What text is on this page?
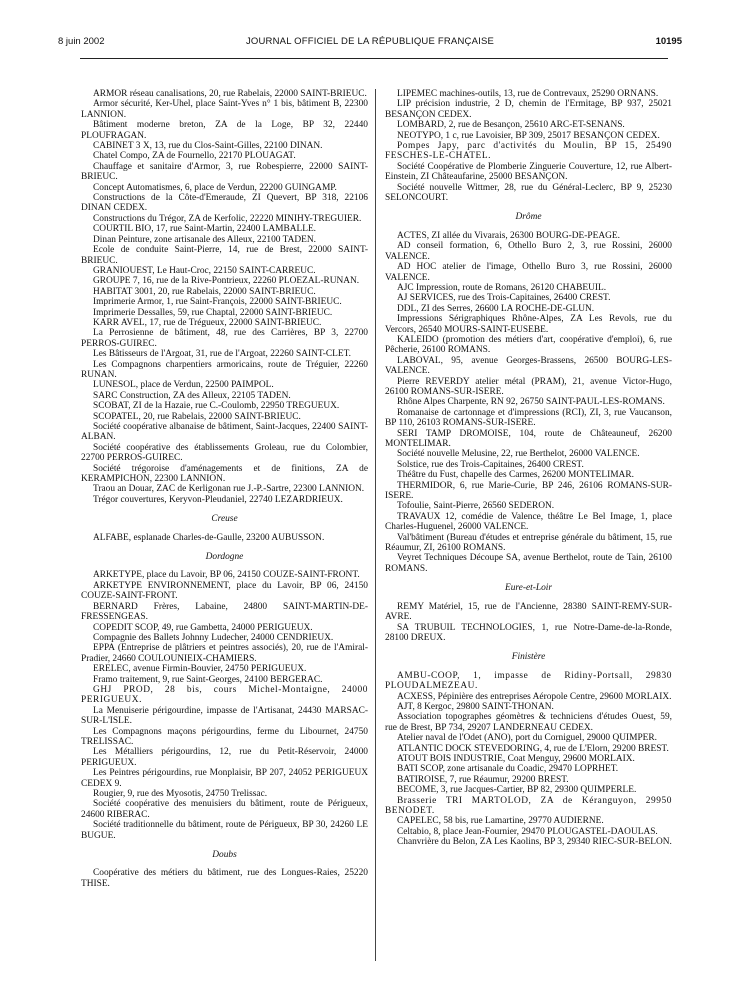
8 juin 2002	JOURNAL OFFICIEL DE LA RÉPUBLIQUE FRANÇAISE	10195
ARMOR réseau canalisations, 20, rue Rabelais, 22000 SAINT-BRIEUC.
Armor sécurité, Ker-Uhel, place Saint-Yves n° 1 bis, bâtiment B, 22300 LANNION.
Bâtiment moderne breton, ZA de la Loge, BP 32, 22440 PLOUFRAGAN.
CABINET 3 X, 13, rue du Clos-Saint-Gilles, 22100 DINAN.
Chatel Compo, ZA de Fournello, 22170 PLOUAGAT.
Chauffage et sanitaire d'Armor, 3, rue Robespierre, 22000 SAINT-BRIEUC.
Concept Automatismes, 6, place de Verdun, 22200 GUINGAMP.
Constructions de la Côte-d'Emeraude, ZI Quevert, BP 318, 22106 DINAN CEDEX.
Constructions du Trégor, ZA de Kerfolic, 22220 MINIHY-TREGUIER.
COURTIL BIO, 17, rue Saint-Martin, 22400 LAMBALLE.
Dinan Peinture, zone artisanale des Alleux, 22100 TADEN.
Ecole de conduite Saint-Pierre, 14, rue de Brest, 22000 SAINT-BRIEUC.
GRANIOUEST, Le Haut-Croc, 22150 SAINT-CARREUC.
GROUPE 7, 16, rue de la Rive-Pontrieux, 22260 PLOEZAL-RUNAN.
HABITAT 3001, 20, rue Rabelais, 22000 SAINT-BRIEUC.
Imprimerie Armor, 1, rue Saint-François, 22000 SAINT-BRIEUC.
Imprimerie Dessalles, 59, rue Chaptal, 22000 SAINT-BRIEUC.
KARR AVEL, 17, rue de Trégueux, 22000 SAINT-BRIEUC.
La Perrosienne de bâtiment, 48, rue des Carrières, BP 3, 22700 PERROS-GUIREC.
Les Bâtisseurs de l'Argoat, 31, rue de l'Argoat, 22260 SAINT-CLET.
Les Compagnons charpentiers armoricains, route de Tréguier, 22260 RUNAN.
LUNESOL, place de Verdun, 22500 PAIMPOL.
SARC Construction, ZA des Alleux, 22105 TADEN.
SCOBAT, ZI de la Hazaie, rue C.-Coulomb, 22950 TREGUEUX.
SCOPATEL, 20, rue Rabelais, 22000 SAINT-BRIEUC.
Société coopérative albanaise de bâtiment, Saint-Jacques, 22400 SAINT-ALBAN.
Société coopérative des établissements Groleau, rue du Colombier, 22700 PERROS-GUIREC.
Société trégoroise d'aménagements et de finitions, ZA de KERAMPICHON, 22300 LANNION.
Traou an Douar, ZAC de Kerligonan rue J.-P.-Sartre, 22300 LANNION.
Trégor couvertures, Keryvon-Pleudaniel, 22740 LEZARDRIEUX.
Creuse
ALFABE, esplanade Charles-de-Gaulle, 23200 AUBUSSON.
Dordogne
ARKETYPE, place du Lavoir, BP 06, 24150 COUZE-SAINT-FRONT.
ARKETYPE ENVIRONNEMENT, place du Lavoir, BP 06, 24150 COUZE-SAINT-FRONT.
BERNARD Frères, Labaine, 24800 SAINT-MARTIN-DE-FRESSENGEAS.
COPEDIT SCOP, 49, rue Gambetta, 24000 PERIGUEUX.
Compagnie des Ballets Johnny Ludecher, 24000 CENDRIEUX.
EPPA (Entreprise de plâtriers et peintres associés), 20, rue de l'Amiral-Pradier, 24660 COULOUNIEIX-CHAMIERS.
ERELEC, avenue Firmin-Bouvier, 24750 PERIGUEUX.
Framo traitement, 9, rue Saint-Georges, 24100 BERGERAC.
GHJ PROD, 28 bis, cours Michel-Montaigne, 24000 PERIGUEUX.
La Menuiserie périgourdine, impasse de l'Artisanat, 24430 MARSAC-SUR-L'ISLE.
Les Compagnons maçons périgourdins, ferme du Libournet, 24750 TRELISSAC.
Les Métalliers périgourdins, 12, rue du Petit-Réservoir, 24000 PERIGUEUX.
Les Peintres périgourdins, rue Monplaisir, BP 207, 24052 PERIGUEUX CEDEX 9.
Rougier, 9, rue des Myosotis, 24750 Trelissac.
Société coopérative des menuisiers du bâtiment, route de Périgueux, 24600 RIBERAC.
Société traditionnelle du bâtiment, route de Périgueux, BP 30, 24260 LE BUGUE.
Doubs
Coopérative des métiers du bâtiment, rue des Longues-Raies, 25220 THISE.
LIPEMEC machines-outils, 13, rue de Contrevaux, 25290 ORNANS.
LIP précision industrie, 2 D, chemin de l'Ermitage, BP 937, 25021 BESANÇON CEDEX.
LOMBARD, 2, rue de Besançon, 25610 ARC-ET-SENANS.
NEOTYPO, 1 c, rue Lavoisier, BP 309, 25017 BESANÇON CEDEX.
Pompes Japy, parc d'activités du Moulin, BP 15, 25490 FESCHES-LE-CHATEL.
Société Coopérative de Plomberie Zinguerie Couverture, 12, rue Albert-Einstein, ZI Châteaufarine, 25000 BESANÇON.
Société nouvelle Wittmer, 28, rue du Général-Leclerc, BP 9, 25230 SELONCOURT.
Drôme
ACTES, ZI allée du Vivarais, 26300 BOURG-DE-PEAGE.
AD conseil formation, 6, Othello Buro 2, 3, rue Rossini, 26000 VALENCE.
AD HOC atelier de l'image, Othello Buro 3, rue Rossini, 26000 VALENCE.
AJC Impression, route de Romans, 26120 CHABEUIL.
AJ SERVICES, rue des Trois-Capitaines, 26400 CREST.
DDL, ZI des Serres, 26600 LA ROCHE-DE-GLUN.
Impressions Sérigraphiques Rhône-Alpes, ZA Les Revols, rue du Vercors, 26540 MOURS-SAINT-EUSEBE.
KALEIDO (promotion des métiers d'art, coopérative d'emploi), 6, rue Pêcherie, 26100 ROMANS.
LABOVAL, 95, avenue Georges-Brassens, 26500 BOURG-LES-VALENCE.
Pierre REVERDY atelier métal (PRAM), 21, avenue Victor-Hugo, 26100 ROMANS-SUR-ISERE.
Rhône Alpes Charpente, RN 92, 26750 SAINT-PAUL-LES-ROMANS.
Romanaise de cartonnage et d'impressions (RCI), ZI, 3, rue Vaucanson, BP 110, 26103 ROMANS-SUR-ISERE.
SERI TAMP DROMOISE, 104, route de Châteauneuf, 26200 MONTELIMAR.
Société nouvelle Melusine, 22, rue Berthelot, 26000 VALENCE.
Solstice, rue des Trois-Capitaines, 26400 CREST.
Théâtre du Fust, chapelle des Carmes, 26200 MONTELIMAR.
THERMIDOR, 6, rue Marie-Curie, BP 246, 26106 ROMANS-SUR-ISERE.
Tofoulie, Saint-Pierre, 26560 SEDERON.
TRAVAUX 12, comédie de Valence, théâtre Le Bel Image, 1, place Charles-Huguenel, 26000 VALENCE.
Val'bâtiment (Bureau d'études et entreprise générale du bâtiment, 15, rue Réaumur, ZI, 26100 ROMANS.
Veyret Techniques Découpe SA, avenue Berthelot, route de Tain, 26100 ROMANS.
Eure-et-Loir
REMY Matériel, 15, rue de l'Ancienne, 28380 SAINT-REMY-SUR-AVRE.
SA TRUBUIL TECHNOLOGIES, 1, rue Notre-Dame-de-la-Ronde, 28100 DREUX.
Finistère
AMBU-COOP, 1, impasse de Ridiny-Portsall, 29830 PLOUDALMEZEAU.
ACXESS, Pépinière des entreprises Aéropole Centre, 29600 MORLAIX.
AJT, 8 Kergoc, 29800 SAINT-THONAN.
Association topographes géomètres & techniciens d'études Ouest, 59, rue de Brest, BP 734, 29207 LANDERNEAU CEDEX.
Atelier naval de l'Odet (ANO), port du Corniguel, 29000 QUIMPER.
ATLANTIC DOCK STEVEDORING, 4, rue de L'Elorn, 29200 BREST.
ATOUT BOIS INDUSTRIE, Coat Menguy, 29600 MORLAIX.
BATI SCOP, zone artisanale du Coadic, 29470 LOPRHET.
BATIROISE, 7, rue Réaumur, 29200 BREST.
BECOME, 3, rue Jacques-Cartier, BP 82, 29300 QUIMPERLE.
Brasserie TRI MARTOLOD, ZA de Kéranguyon, 29950 BENODET.
CAPELEC, 58 bis, rue Lamartine, 29770 AUDIERNE.
Celtabio, 8, place Jean-Fournier, 29470 PLOUGASTEL-DAOULAS.
Chanvrière du Belon, ZA Les Kaolins, BP 3, 29340 RIEC-SUR-BELON.
